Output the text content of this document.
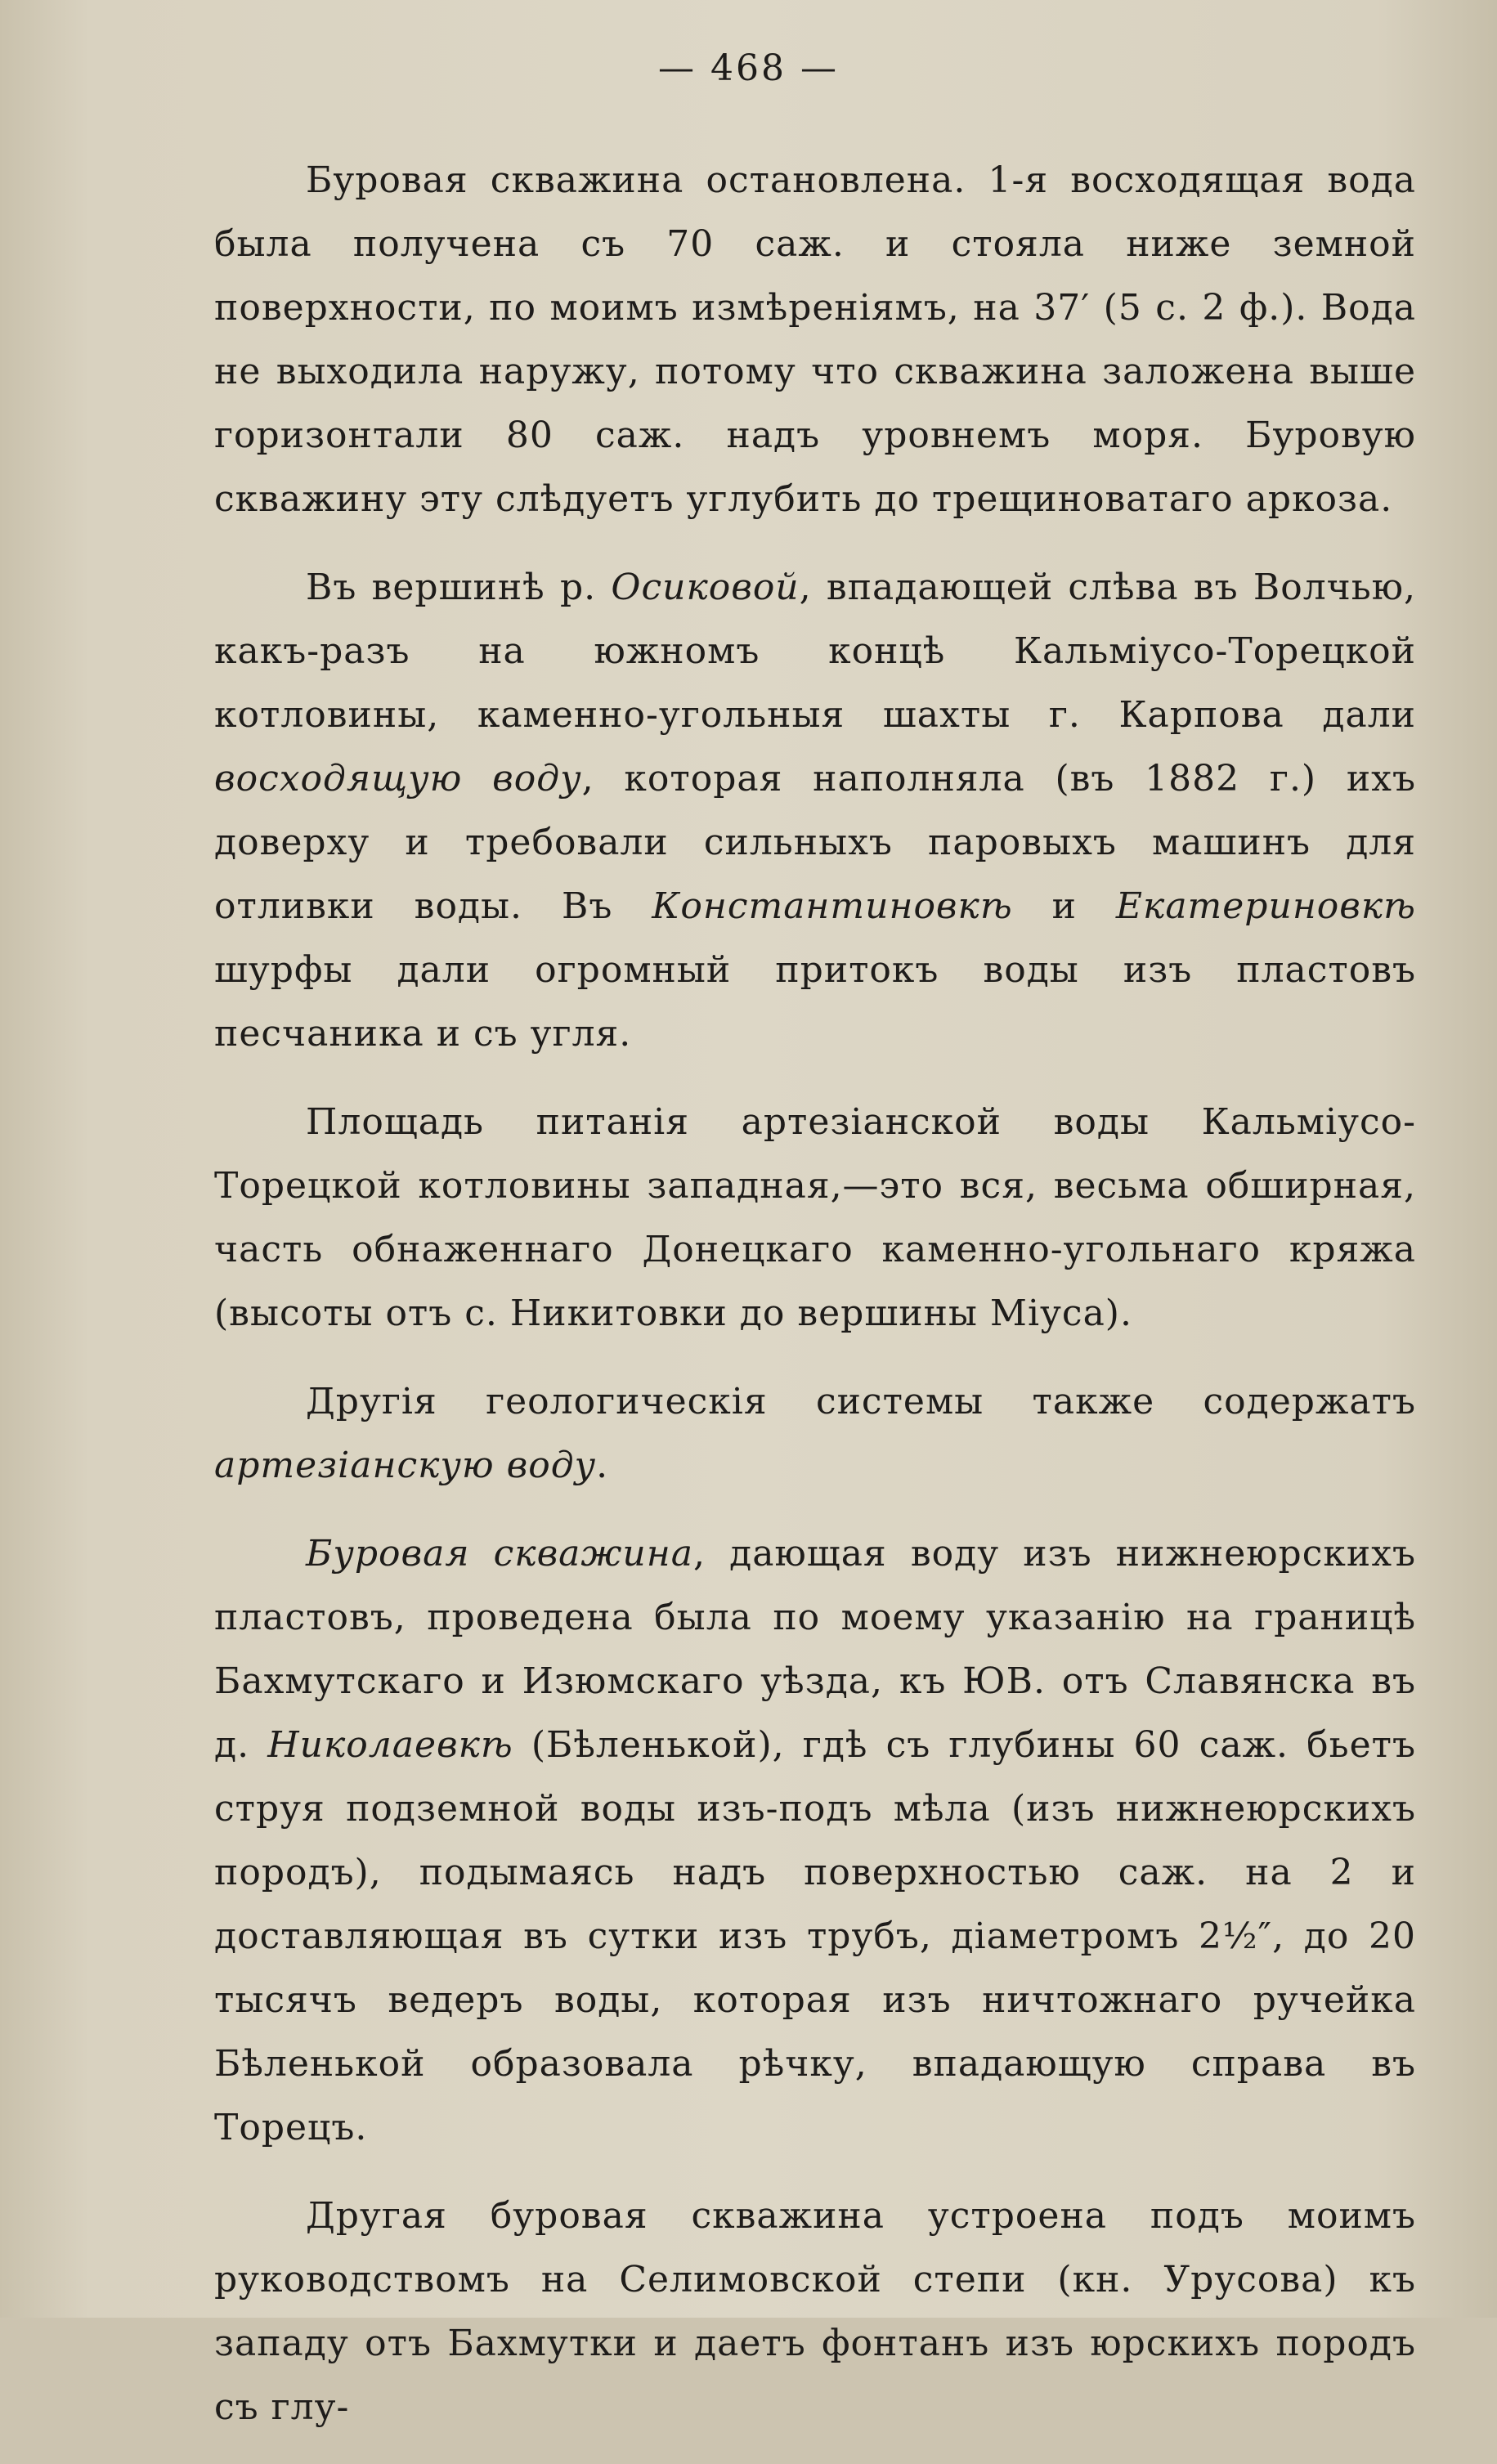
— 468 —

Буровая скважина остановлена. 1-я восходящая вода была получена съ 70 саж. и стояла ниже земной поверхности, по моимъ измѣреніямъ, на 37′ (5 с. 2 ф.). Вода не выходила наружу, потому что скважина заложена выше горизонтали 80 саж. надъ уровнемъ моря. Буровую скважину эту слѣдуетъ углубить до трещиноватаго аркоза.

Въ вершинѣ р. Осиковой, впадающей слѣва въ Волчью, какъ-разъ на южномъ концѣ Кальміусо-Торецкой котловины, каменно-угольныя шахты г. Карпова дали восходящую воду, которая наполняла (въ 1882 г.) ихъ доверху и требовали сильныхъ паровыхъ машинъ для отливки воды. Въ Константиновкѣ и Екатериновкѣ шурфы дали огромный притокъ воды изъ пластовъ песчаника и съ угля.

Площадь питанія артезіанской воды Кальміусо-Торецкой котловины западная,—это вся, весьма обширная, часть обнаженнаго Донецкаго каменно-угольнаго кряжа (высоты отъ с. Никитовки до вершины Міуса).

Другія геологическія системы также содержатъ артезіанскую воду.

Буровая скважина, дающая воду изъ нижнеюрскихъ пластовъ, проведена была по моему указанію на границѣ Бахмутскаго и Изюмскаго уѣзда, къ ЮВ. отъ Славянска въ д. Николаевкѣ (Бѣленькой), гдѣ съ глубины 60 саж. бьетъ струя подземной воды изъ-подъ мѣла (изъ нижнеюрскихъ породъ), подымаясь надъ поверхностью саж. на 2 и доставляющая въ сутки изъ трубъ, діаметромъ 2½″, до 20 тысячъ ведеръ воды, которая изъ ничтожнаго ручейка Бѣленькой образовала рѣчку, впадающую справа въ Торецъ.

Другая буровая скважина устроена подъ моимъ руководствомъ на Селимовской степи (кн. Урусова) къ западу отъ Бахмутки и даетъ фонтанъ изъ юрскихъ породъ съ глу-
